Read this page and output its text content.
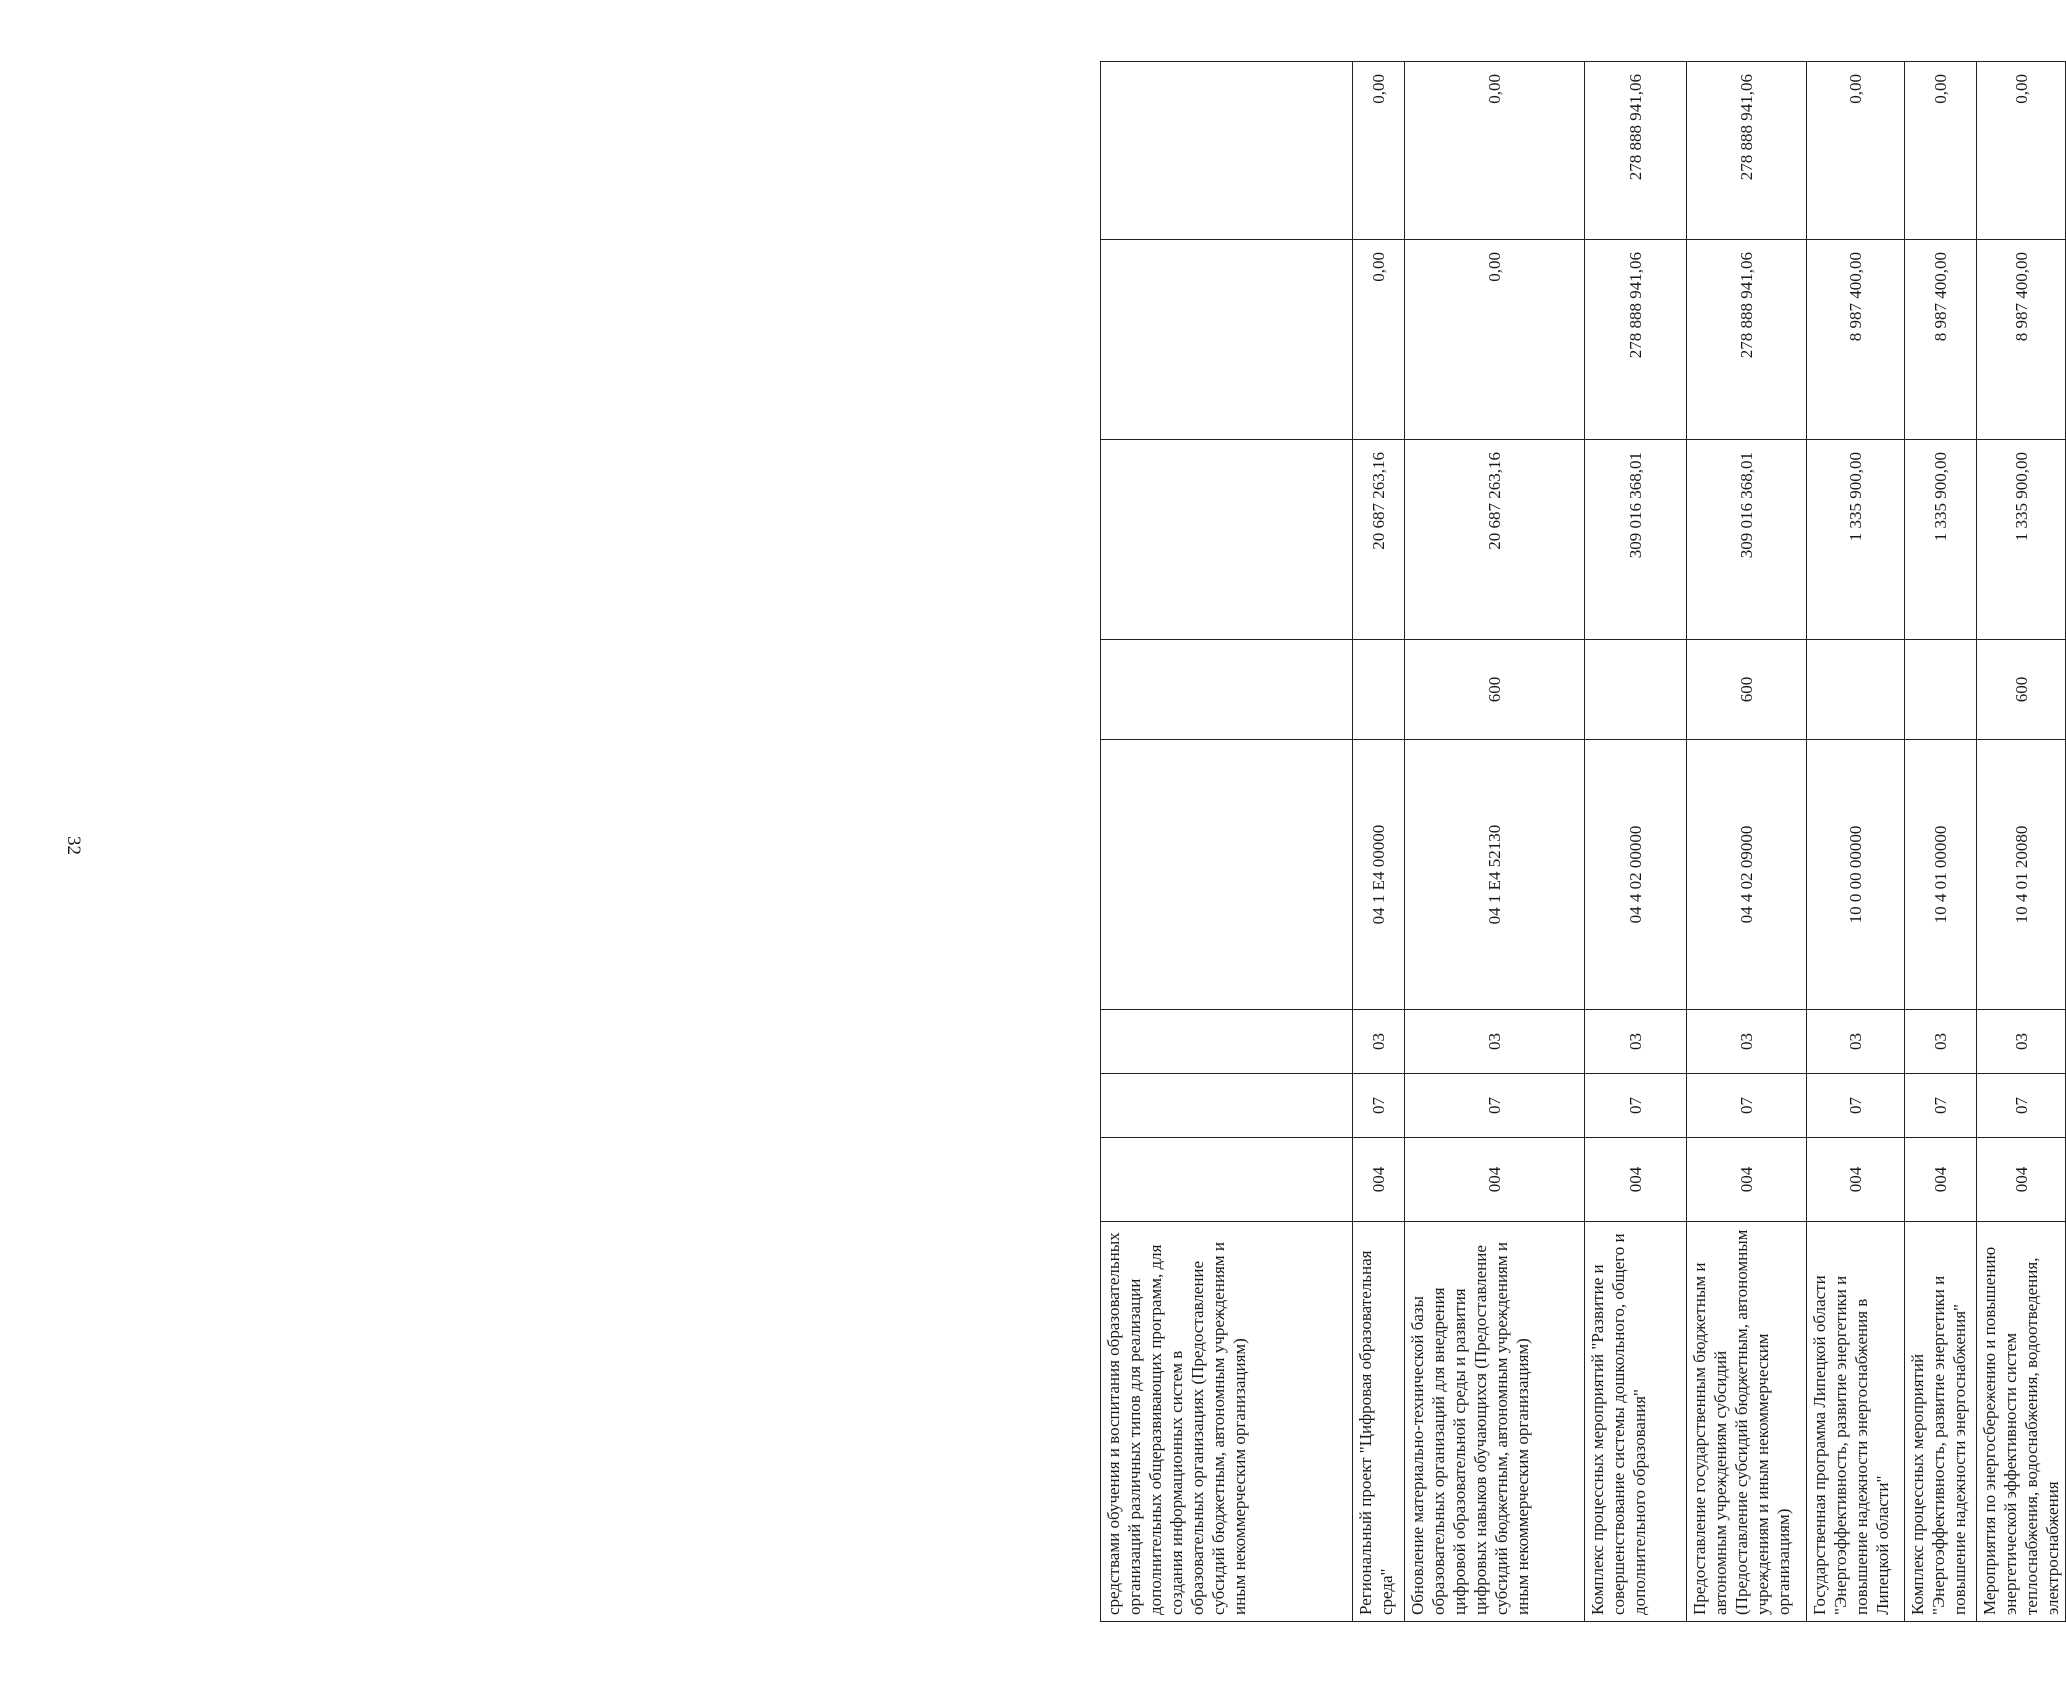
32
средствами обучения и воспитания образовательных организаций различных типов для реализации дополнительных общеразвивающих программ, для создания информационных систем в образовательных организациях (Предоставление субсидий бюджетным, автономным учреждениям и иным некоммерческим организациям)								
Региональный проект "Цифровая образовательная среда"	004	07	03	04 1 E4 00000		20 687 263,16	0,00	0,00
Обновление материально-технической базы образовательных организаций для внедрения цифровой образовательной среды и развития цифровых навыков обучающихся (Предоставление субсидий бюджетным, автономным учреждениям и иным некоммерческим организациям)	004	07	03	04 1 E4 52130	600	20 687 263,16	0,00	0,00
Комплекс процессных мероприятий "Развитие и совершенствование системы дошкольного, общего и дополнительного образования"	004	07	03	04 4 02 00000		309 016 368,01	278 888 941,06	278 888 941,06
Предоставление государственным бюджетным и автономным учреждениям субсидий (Предоставление субсидий бюджетным, автономным учреждениям и иным некоммерческим организациям)	004	07	03	04 4 02 09000	600	309 016 368,01	278 888 941,06	278 888 941,06
Государственная программа Липецкой области "Энергоэффективность, развитие энергетики и повышение надежности энергоснабжения в Липецкой области"	004	07	03	10 0 00 00000		1 335 900,00	8 987 400,00	0,00
Комплекс процессных мероприятий "Энергоэффективность, развитие энергетики и повышение надежности энергоснабжения"	004	07	03	10 4 01 00000		1 335 900,00	8 987 400,00	0,00
Мероприятия по энергосбережению и повышению энергетической эффективности систем теплоснабжения, водоснабжения, водоотведения, электроснабжения	004	07	03	10 4 01 20080	600	1 335 900,00	8 987 400,00	0,00
